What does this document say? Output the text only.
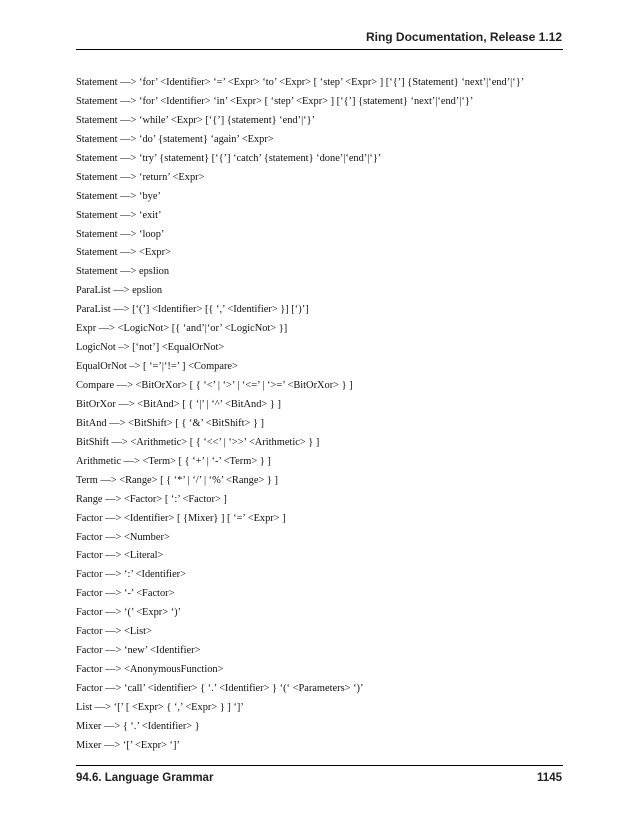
Ring Documentation, Release 1.12
Statement —> ‘for’ <Identifier> ‘=’ <Expr> ‘to’ <Expr> [ ‘step’ <Expr> ] [‘{’] {Statement} ‘next’|‘end’|‘}’
Statement —> ‘for’ <Identifier> ‘in’ <Expr> [ ‘step’ <Expr> ] [‘{’] {statement} ‘next’|‘end’|‘}’
Statement —> ‘while’ <Expr> [‘{’] {statement} ‘end’|‘}’
Statement —> ‘do’ {statement} ‘again’ <Expr>
Statement —> ‘try’ {statement} [‘{’] ‘catch’ {statement} ‘done’|‘end’|‘}’
Statement —> ‘return’ <Expr>
Statement —> ‘bye’
Statement —> ‘exit’
Statement —> ‘loop’
Statement —> <Expr>
Statement —> epslion
ParaList —> epslion
ParaList —> [‘(’] <Identifier> [{ ‘,’ <Identifier> }] [‘)’]
Expr —> <LogicNot> [{ ‘and’|‘or’ <LogicNot> }]
LogicNot –> [‘not’] <EqualOrNot>
EqualOrNot –> [ ‘=’|‘!=’ ] <Compare>
Compare —> <BitOrXor> [ { ‘<’ | ‘>’ | ‘<=’ | ‘>=’ <BitOrXor> } ]
BitOrXor —> <BitAnd> [ { ‘|’ | ‘^’ <BitAnd> } ]
BitAnd —> <BitShift> [ { ‘&’ <BitShift> } ]
BitShift —> <Arithmetic> [ { ‘<<’ | ‘>>’ <Arithmetic> } ]
Arithmetic —> <Term> [ { ‘+’ | ‘-’ <Term> } ]
Term —> <Range> [ { ‘*’ | ‘/’ | ‘%’ <Range> } ]
Range —> <Factor> [ ‘:’ <Factor> ]
Factor —> <Identifier> [ {Mixer} ] [ ‘=’ <Expr> ]
Factor —> <Number>
Factor —> <Literal>
Factor —> ‘:’ <Identifier>
Factor —> ‘-’ <Factor>
Factor —> ‘(’ <Expr> ‘)’
Factor —> <List>
Factor —> ‘new’ <Identifier>
Factor —> <AnonymousFunction>
Factor —> ‘call’ <identifier> { ‘.’ <Identifier> } ‘(‘ <Parameters> ‘)’
List —> ‘[’ [ <Expr> { ‘,’ <Expr> } ] ‘]’
Mixer —> { ‘.’ <Identifier> }
Mixer —> ‘[’ <Expr> ‘]’
94.6. Language Grammar	1145
